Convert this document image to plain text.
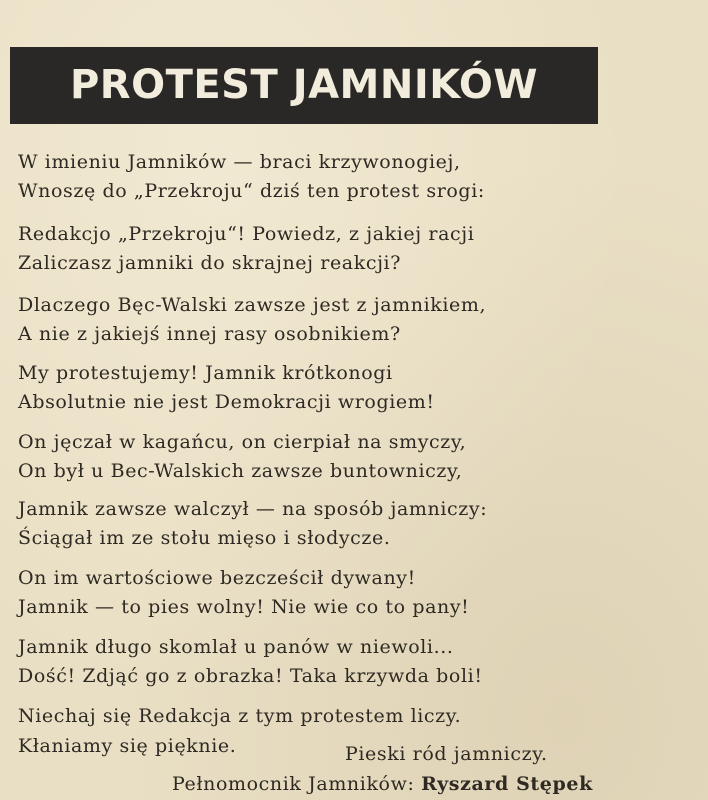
PROTEST JAMNIKÓW
W imieniu Jamników — braci krzywonogiej,
Wnoszę do „Przekroju“ dziś ten protest srogi:
Redakcjo „Przekroju“! Powiedz, z jakiej racji
Zaliczasz jamniki do skrajnej reakcji?
Dlaczego Bęc-Walski zawsze jest z jamnikiem,
A nie z jakiejś innej rasy osobnikiem?
My protestujemy! Jamnik krótkonogi
Absolutnie nie jest Demokracji wrogiem!
On jęczał w kagańcu, on cierpiał na smyczy,
On był u Bec-Walskich zawsze buntowniczy,
Jamnik zawsze walczył — na sposób jamniczy:
Ściągał im ze stołu mięso i słodycze.
On im wartościowe bezcześcił dywany!
Jamnik — to pies wolny! Nie wie co to pany!
Jamnik długo skomlał u panów w niewoli...
Dość! Zdjąć go z obrazka! Taka krzywda boli!
Niechaj się Redakcja z tym protestem liczy.
Kłaniamy się pięknie.	Pieski ród jamniczy.
Pełnomocnik Jamników: Ryszard Stępek
